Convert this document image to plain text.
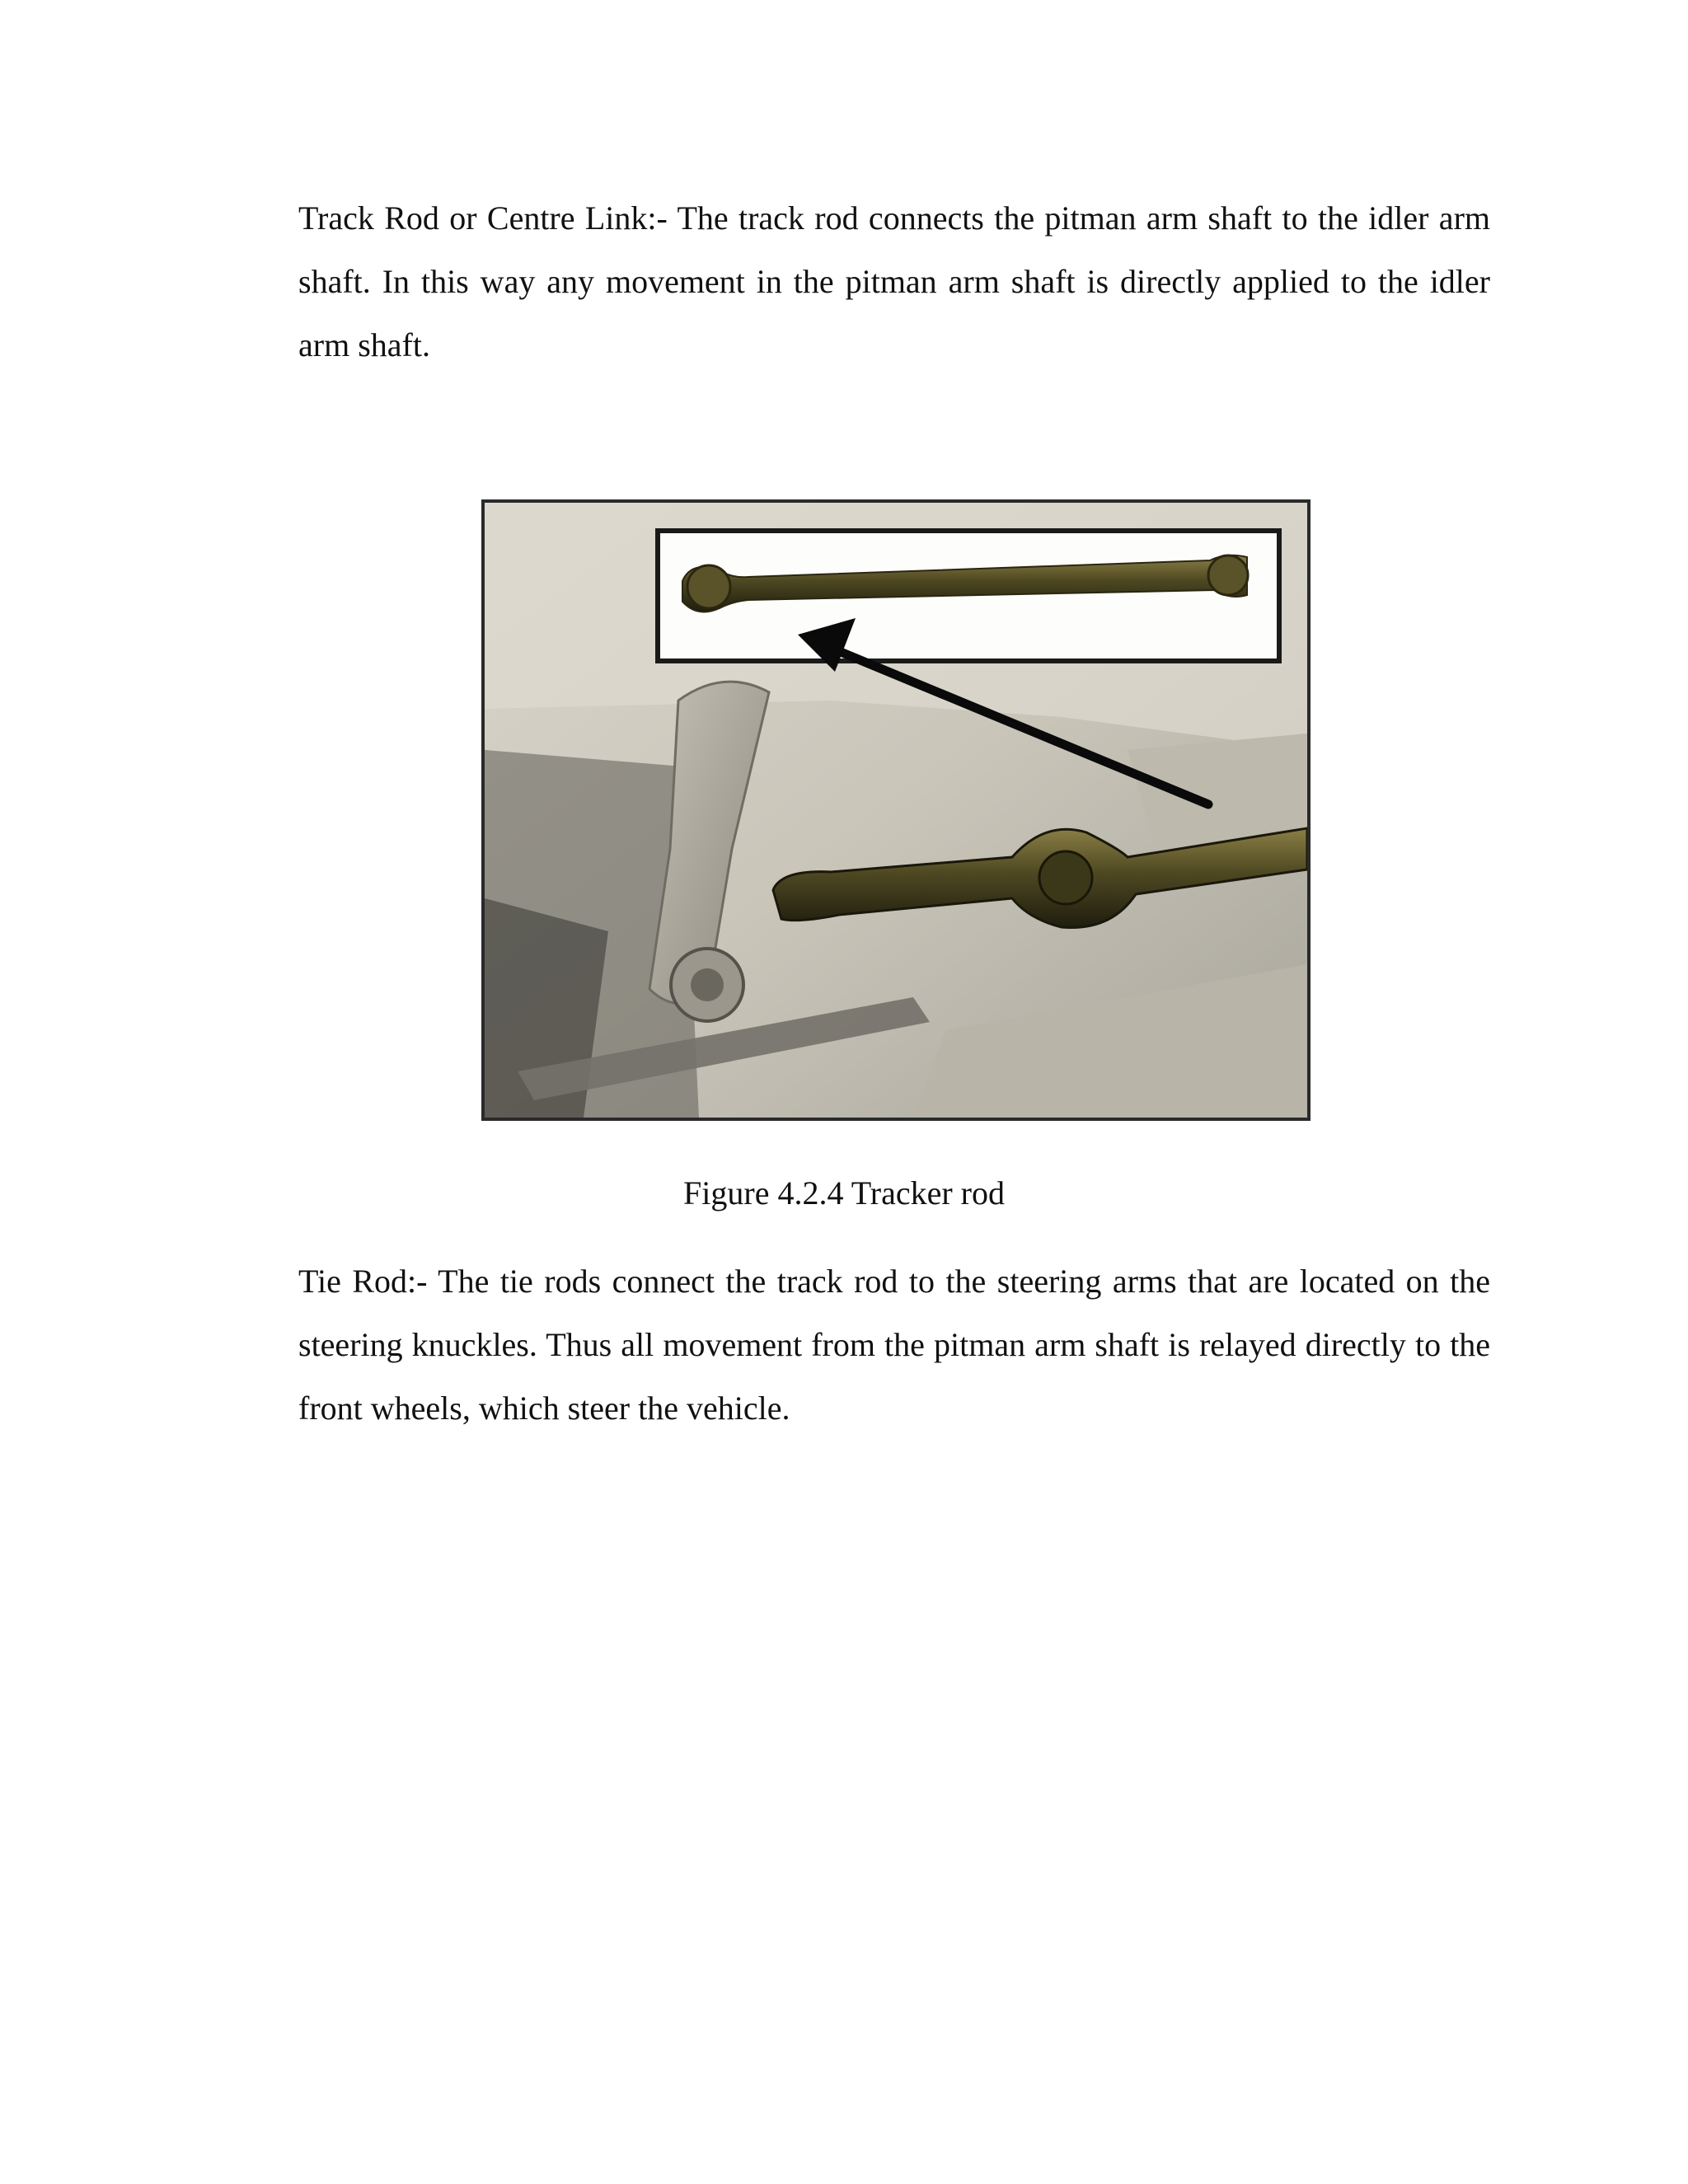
Track Rod or Centre Link:- The track rod connects the pitman arm shaft to the idler arm shaft. In this way any movement in the pitman arm shaft is directly applied to the idler arm shaft.

Figure 4.2.4 Tracker rod

Tie Rod:- The tie rods connect the track rod to the steering arms that are located on the steering knuckles. Thus all movement from the pitman arm shaft is relayed directly to the front wheels, which steer the vehicle.
